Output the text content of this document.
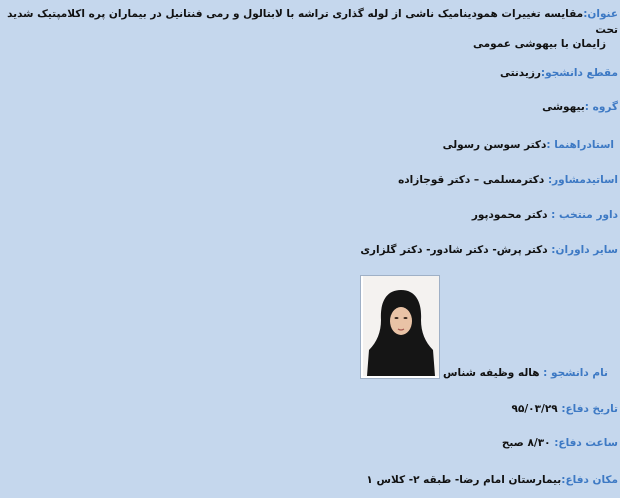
عنوان:مقایسه تغییرات همودینامیک ناشی از لوله گذاری تراشه با لابتالول و رمی فنتانیل در بیماران پره اکلامپتیک شدید تحت
زایمان با بیهوشی عمومی
مقطع دانشجو:رزیدنتی
گروه :بیهوشی
استادراهنما :دکتر سوسن رسولی
اساتیدمشاور: دکترمسلمی – دکتر قوجازاده
داور منتخب : دکتر محمودپور
سایر داوران: دکتر پرش- دکتر شادور- دکتر گلزاری
نام دانشجو : هاله وظیفه شناس
تاریخ دفاع: ۹۵/۰۳/۲۹
ساعت دفاع: ۸/۳۰ صبح
مکان دفاع:بیمارستان امام رضا- طبقه ۲- کلاس ۱
